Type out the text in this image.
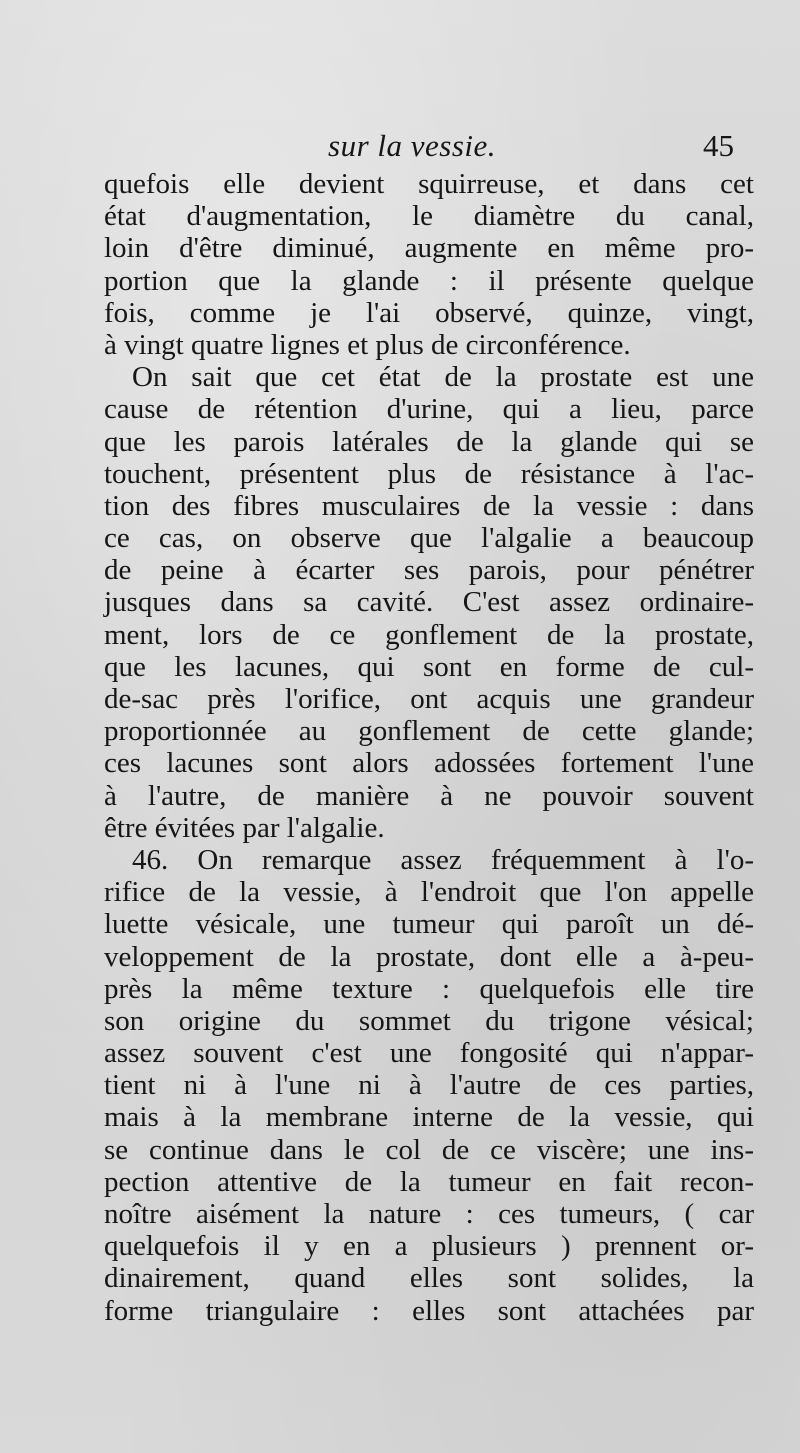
sur la vessie.	45
quefois elle devient squirreuse, et dans cet
état d'augmentation, le diamètre du canal,
loin d'être diminué, augmente en même pro-
portion que la glande : il présente quelque
fois, comme je l'ai observé, quinze, vingt,
à vingt quatre lignes et plus de circonférence.
On sait que cet état de la prostate est une
cause de rétention d'urine, qui a lieu, parce
que les parois latérales de la glande qui se
touchent, présentent plus de résistance à l'ac-
tion des fibres musculaires de la vessie : dans
ce cas, on observe que l'algalie a beaucoup
de peine à écarter ses parois, pour pénétrer
jusques dans sa cavité. C'est assez ordinaire-
ment, lors de ce gonflement de la prostate,
que les lacunes, qui sont en forme de cul-
de-sac près l'orifice, ont acquis une grandeur
proportionnée au gonflement de cette glande;
ces lacunes sont alors adossées fortement l'une
à l'autre, de manière à ne pouvoir souvent
être évitées par l'algalie.
46. On remarque assez fréquemment à l'o-
rifice de la vessie, à l'endroit que l'on appelle
luette vésicale, une tumeur qui paroît un dé-
veloppement de la prostate, dont elle a à-peu-
près la même texture : quelquefois elle tire
son origine du sommet du trigone vésical;
assez souvent c'est une fongosité qui n'appar-
tient ni à l'une ni à l'autre de ces parties,
mais à la membrane interne de la vessie, qui
se continue dans le col de ce viscère; une ins-
pection attentive de la tumeur en fait recon-
noître aisément la nature : ces tumeurs, ( car
quelquefois il y en a plusieurs ) prennent or-
dinairement, quand elles sont solides, la
forme triangulaire : elles sont attachées par
